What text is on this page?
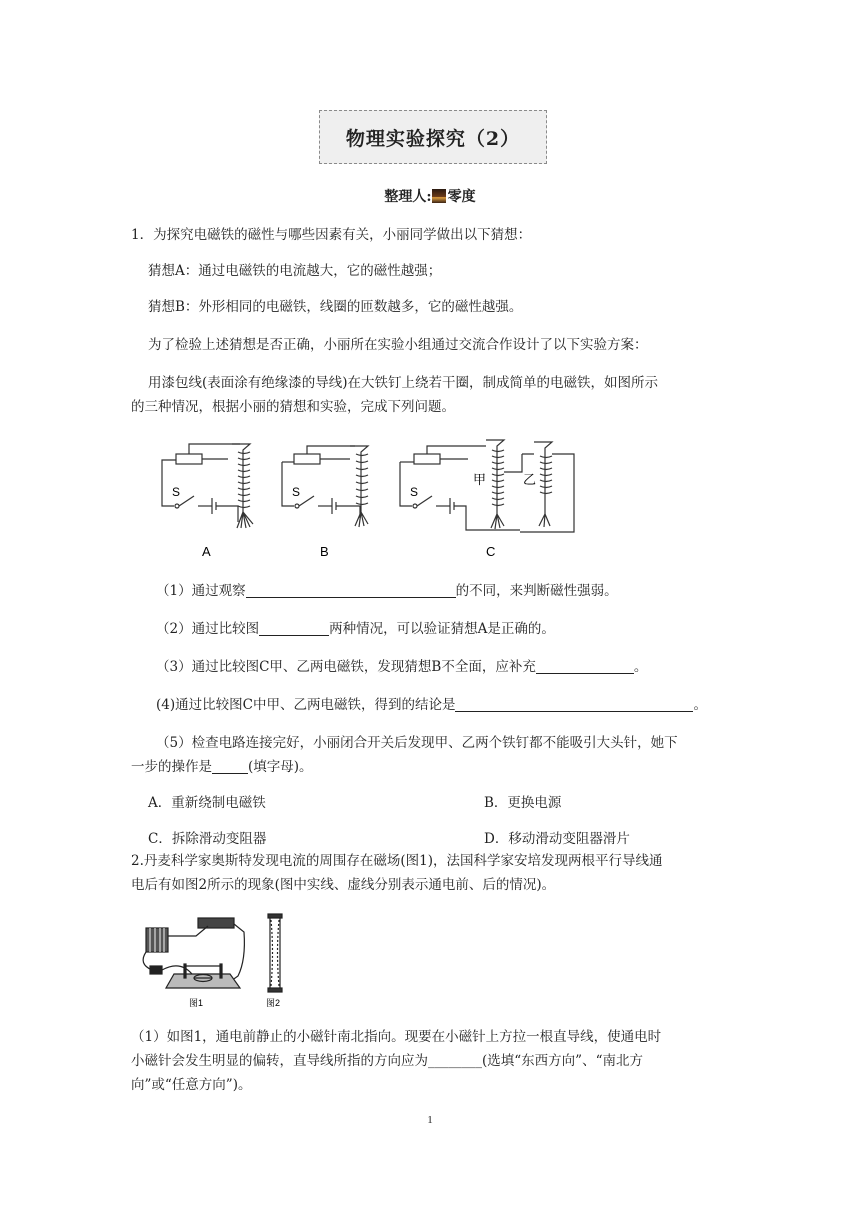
物理实验探究（2）
整理人: 零度
1．为探究电磁铁的磁性与哪些因素有关，小丽同学做出以下猜想：
猜想A：通过电磁铁的电流越大，它的磁性越强；
猜想B：外形相同的电磁铁，线圈的匝数越多，它的磁性越强。
为了检验上述猜想是否正确，小丽所在实验小组通过交流合作设计了以下实验方案：
用漆包线(表面涂有绝缘漆的导线)在大铁钉上绕若干圈，制成简单的电磁铁，如图所示
的三种情况，根据小丽的猜想和实验，完成下列问题。
S	S	S
甲	乙
A	B	C
（1）通过观察	的不同，来判断磁性强弱。
（2）通过比较图	两种情况，可以验证猜想A是正确的。
（3）通过比较图C甲、乙两电磁铁，发现猜想B不全面，应补充	。
(4)通过比较图C中甲、乙两电磁铁，得到的结论是	。
（5）检查电路连接完好，小丽闭合开关后发现甲、乙两个铁钉都不能吸引大头针，她下
一步的操作是	(填字母)。
A．重新绕制电磁铁	B．更换电源
C．拆除滑动变阻器	D．移动滑动变阻器滑片
2.丹麦科学家奥斯特发现电流的周围存在磁场(图1)，法国科学家安培发现两根平行导线通
电后有如图2所示的现象(图中实线、虚线分别表示通电前、后的情况)。
图1	图2
（1）如图1，通电前静止的小磁针南北指向。现要在小磁针上方拉一根直导线，使通电时
小磁针会发生明显的偏转，直导线所指的方向应为________(选填“东西方向”、“南北方
向”或“任意方向”)。
1
